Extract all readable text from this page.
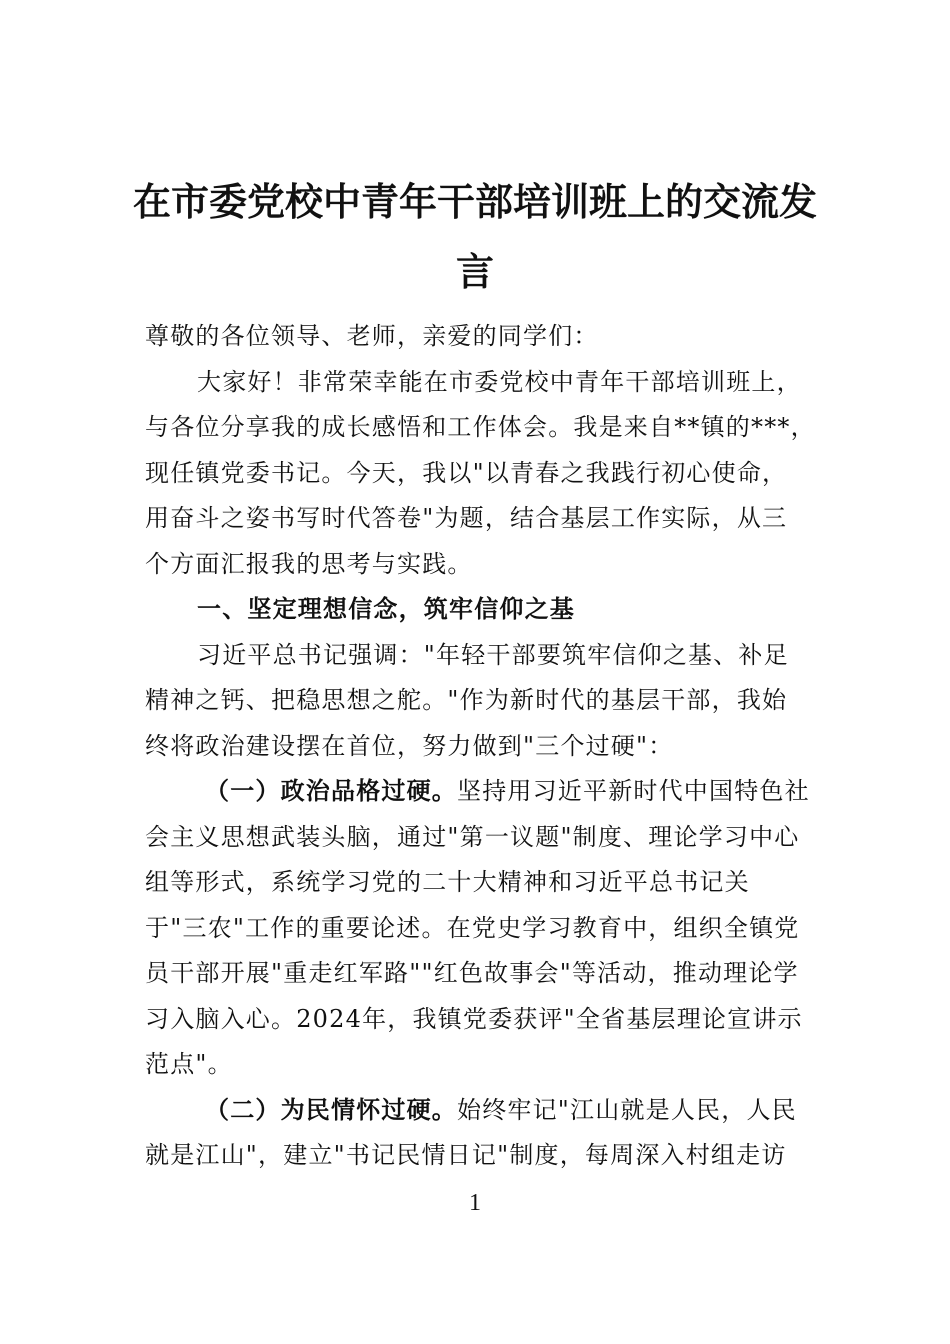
在市委党校中青年干部培训班上的交流发
言
尊敬的各位领导、老师，亲爱的同学们：
大家好！非常荣幸能在市委党校中青年干部培训班上，
与各位分享我的成长感悟和工作体会。我是来自**镇的***，
现任镇党委书记。今天，我以"以青春之我践行初心使命，
用奋斗之姿书写时代答卷"为题，结合基层工作实际，从三
个方面汇报我的思考与实践。
一、坚定理想信念，筑牢信仰之基
习近平总书记强调："年轻干部要筑牢信仰之基、补足
精神之钙、把稳思想之舵。"作为新时代的基层干部，我始
终将政治建设摆在首位，努力做到"三个过硬"：
（一）政治品格过硬。坚持用习近平新时代中国特色社
会主义思想武装头脑，通过"第一议题"制度、理论学习中心
组等形式，系统学习党的二十大精神和习近平总书记关
于"三农"工作的重要论述。在党史学习教育中，组织全镇党
员干部开展"重走红军路""红色故事会"等活动，推动理论学
习入脑入心。2024年，我镇党委获评"全省基层理论宣讲示
范点"。
（二）为民情怀过硬。始终牢记"江山就是人民，人民
就是江山"，建立"书记民情日记"制度，每周深入村组走访
1
